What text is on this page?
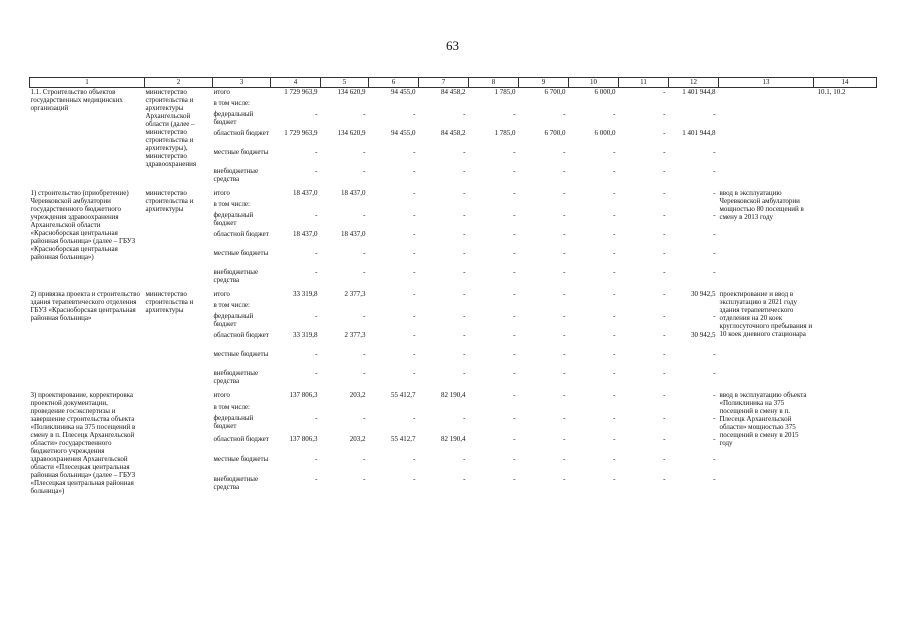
63
1	2	3	4	5	6	7	8	9	10	11	12	13	14
1.1. Строительство объектов государственных медицинских организаций	министерство строительства и архитектуры Архангельской области (далее – министерство строительства и архитектуры), министерство здравоохранения	итого	1 729 963,9	134 620,9	94 455,0	84 458,2	1 785,0	6 700,0	6 000,0	-	1 401 944,8		10.1, 10.2
		в том числе:											
		федеральный бюджет	-	-	-	-	-	-	-	-	-		
		областной бюджет	1 729 963,9	134 620,9	94 455,0	84 458,2	1 785,0	6 700,0	6 000,0	-	1 401 944,8		
		местные бюджеты	-	-	-	-	-	-	-	-	-		
		внебюджетные средства	-	-	-	-	-	-	-	-	-		

1) строительство (приобретение) Черевковской амбулатории государственного бюджетного учреждения здравоохранения Архангельской области «Красноборская центральная районная больница» (далее – ГБУЗ «Красноборская центральная районная больница»)	министерство строительства и архитектуры	итого	18 437,0	18 437,0	-	-	-	-	-	-	-	ввод в эксплуатацию Черевковской амбулатории мощностью 80 посещений в смену в 2013 году	
		в том числе:											
		федеральный бюджет	-	-	-	-	-	-	-	-	-		
		областной бюджет	18 437,0	18 437,0	-	-	-	-	-	-	-		
		местные бюджеты	-	-	-	-	-	-	-	-	-		
		внебюджетные средства	-	-	-	-	-	-	-	-	-		

2) привязка проекта и строительство здания терапевтического отделения ГБУЗ «Красноборская центральная районная больница»	министерство строительства и архитектуры	итого	33 319,8	2 377,3	-	-	-	-	-	-	30 942,5	проектирование и ввод в эксплуатацию в 2021 году здания терапевтического отделения на 20 коек круглосуточного пребывания и 10 коек дневного стационара	
		в том числе:											
		федеральный бюджет	-	-	-	-	-	-	-	-	-		
		областной бюджет	33 319,8	2 377,3	-	-	-	-	-	-	30 942,5		
		местные бюджеты	-	-	-	-	-	-	-	-	-		
		внебюджетные средства	-	-	-	-	-	-	-	-	-		

3) проектирование, корректировка проектной документации, проведение госэкспертизы и завершение строительства объекта «Поликлиника на 375 посещений в смену в п. Плесецк Архангельской области» государственного бюджетного учреждения здравоохранения Архангельской области «Плесецкая центральная районная больница» (далее – ГБУЗ «Плесецкая центральная районная больница»)		итого	137 806,3	203,2	55 412,7	82 190,4	-	-	-	-	-	ввод в эксплуатацию объекта «Поликлиника на 375 посещений в смену в п. Плесецк Архангельской области» мощностью 375 посещений в смену в 2015 году	
		в том числе:											
		федеральный бюджет	-	-	-	-	-	-	-	-	-		
		областной бюджет	137 806,3	203,2	55 412,7	82 190,4	-	-	-	-	-		
		местные бюджеты	-	-	-	-	-	-	-	-	-		
		внебюджетные средства	-	-	-	-	-	-	-	-	-		
